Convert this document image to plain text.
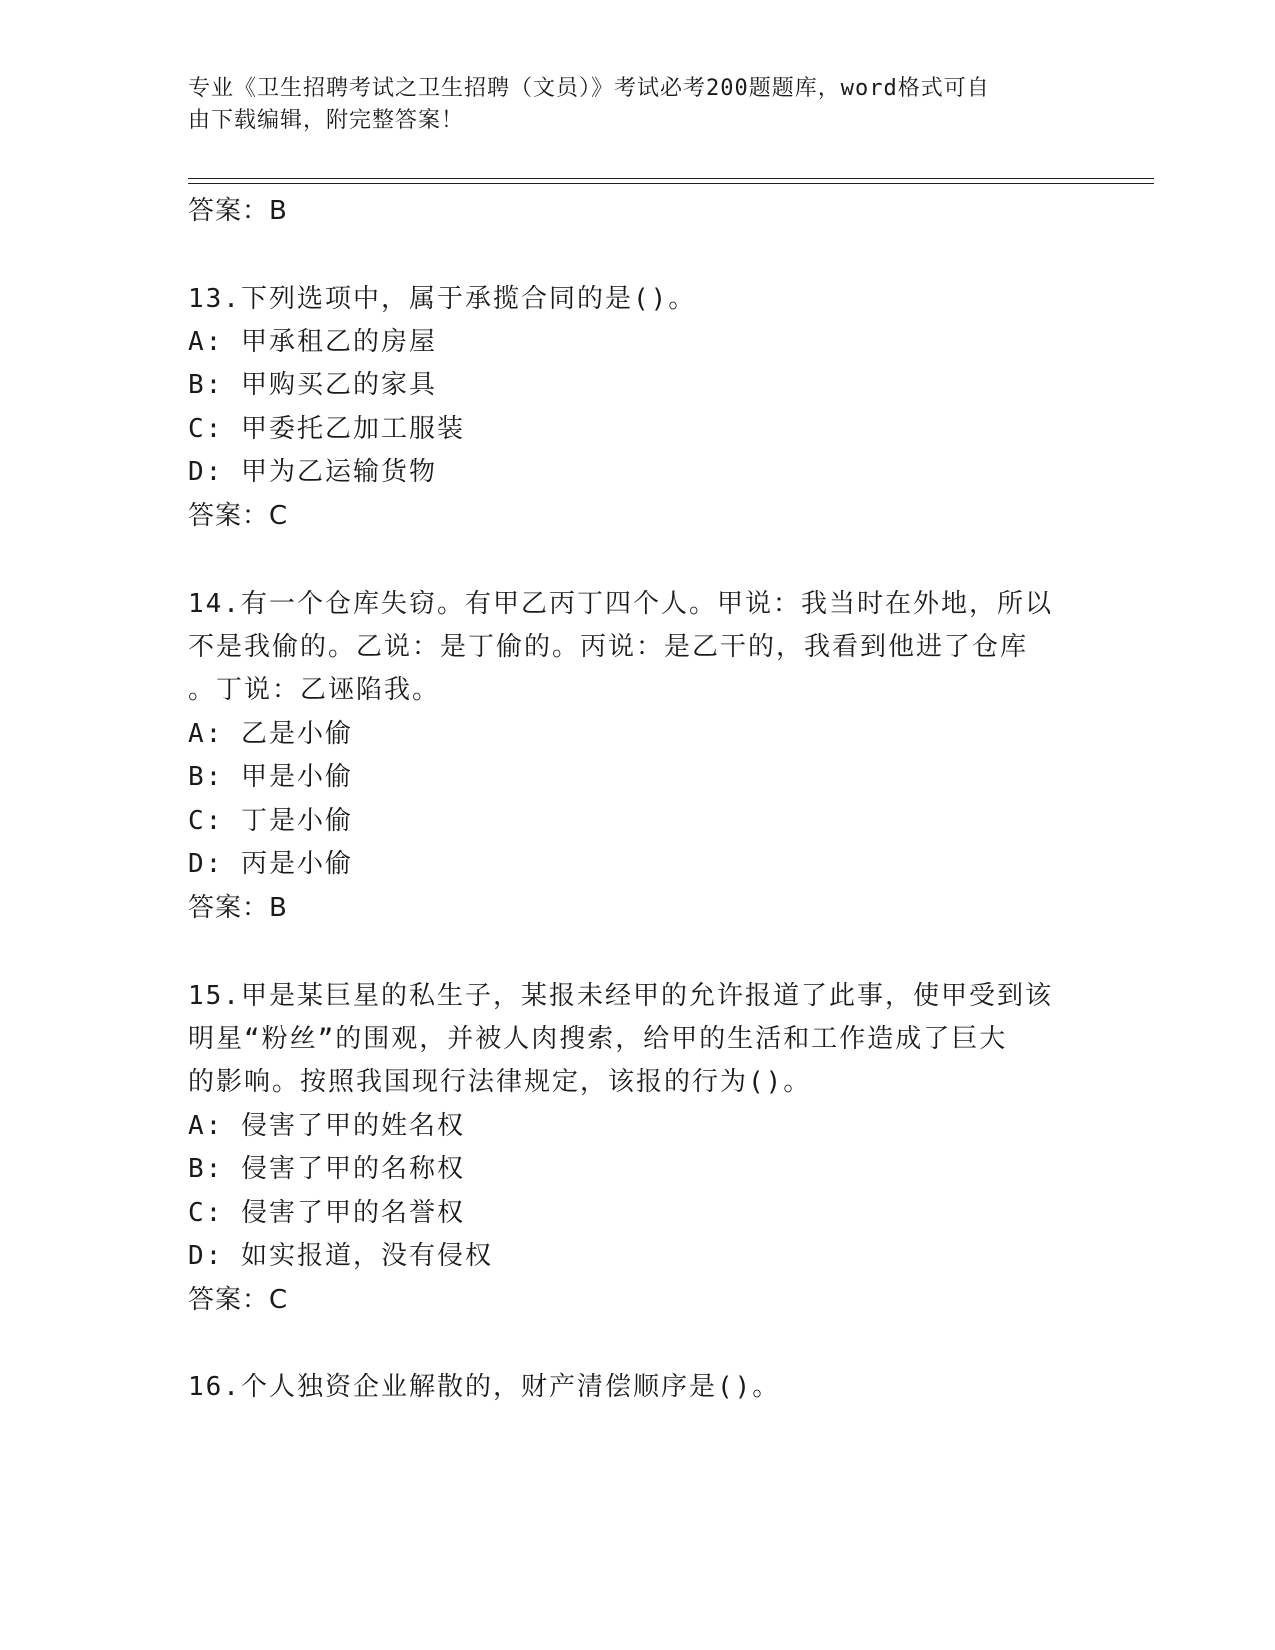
专业《卫生招聘考试之卫生招聘（文员）》考试必考200题题库，word格式可自
由下载编辑，附完整答案！
答案：B
13.下列选项中，属于承揽合同的是()。
A: 甲承租乙的房屋
B: 甲购买乙的家具
C: 甲委托乙加工服装
D: 甲为乙运输货物
答案：C
14.有一个仓库失窃。有甲乙丙丁四个人。甲说：我当时在外地，所以
不是我偷的。乙说：是丁偷的。丙说：是乙干的，我看到他进了仓库
。丁说：乙诬陷我。
A: 乙是小偷
B: 甲是小偷
C: 丁是小偷
D: 丙是小偷
答案：B
15.甲是某巨星的私生子，某报未经甲的允许报道了此事，使甲受到该
明星“粉丝”的围观，并被人肉搜索，给甲的生活和工作造成了巨大
的影响。按照我国现行法律规定，该报的行为()。
A: 侵害了甲的姓名权
B: 侵害了甲的名称权
C: 侵害了甲的名誉权
D: 如实报道，没有侵权
答案：C
16.个人独资企业解散的，财产清偿顺序是()。
